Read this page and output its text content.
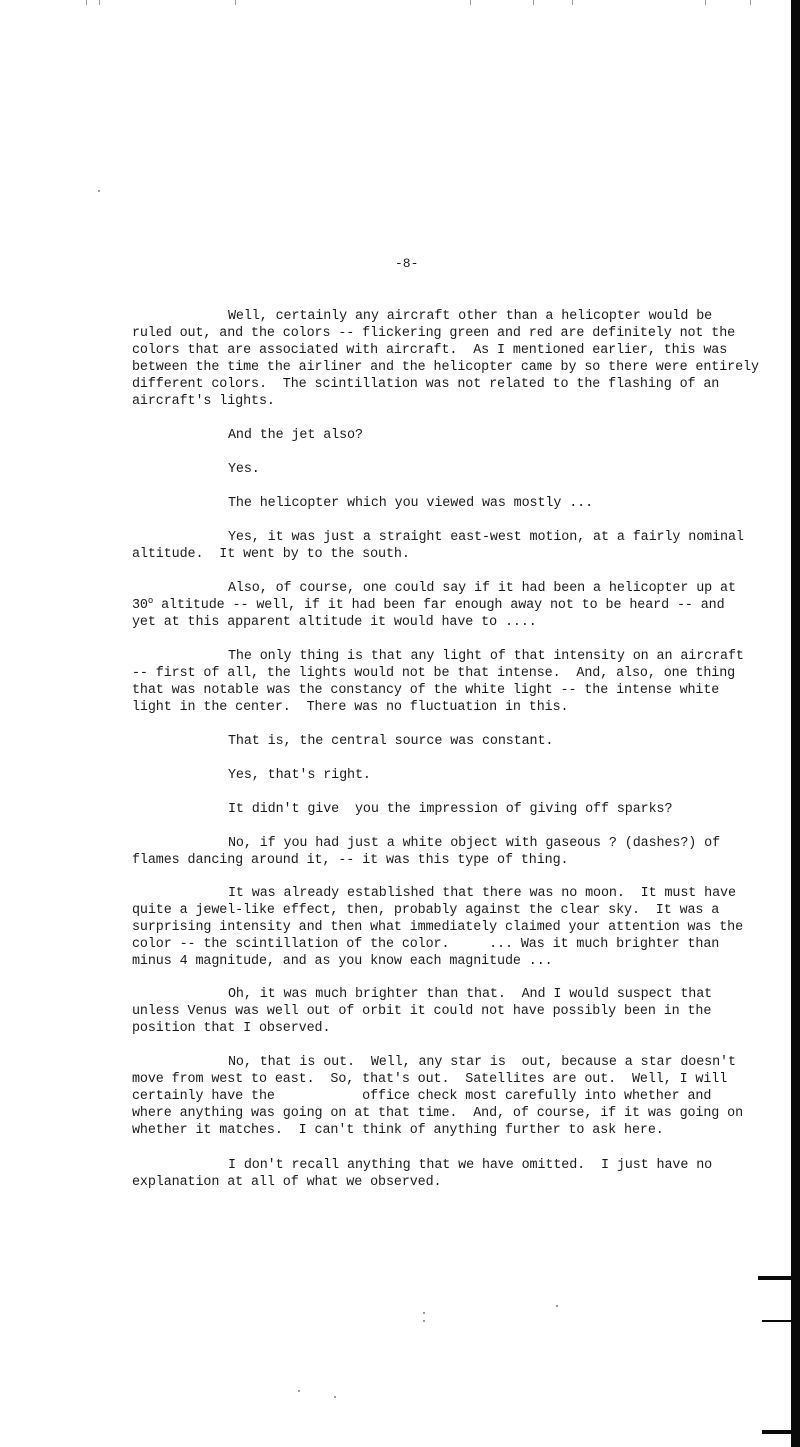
-8-
Well, certainly any aircraft other than a helicopter would be
ruled out, and the colors -- flickering green and red are definitely not the
colors that are associated with aircraft.  As I mentioned earlier, this was
between the time the airliner and the helicopter came by so there were entirely
different colors.  The scintillation was not related to the flashing of an
aircraft's lights.
And the jet also?
Yes.
The helicopter which you viewed was mostly ...
Yes, it was just a straight east-west motion, at a fairly nominal
altitude.  It went by to the south.
Also, of course, one could say if it had been a helicopter up at
30$^o$ altitude -- well, if it had been far enough away not to be heard -- and
yet at this apparent altitude it would have to ....
The only thing is that any light of that intensity on an aircraft
-- first of all, the lights would not be that intense.  And, also, one thing
that was notable was the constancy of the white light -- the intense white
light in the center.  There was no fluctuation in this.
That is, the central source was constant.
Yes, that's right.
It didn't give  you the impression of giving off sparks?
No, if you had just a white object with gaseous ? (dashes?) of
flames dancing around it, -- it was this type of thing.
It was already established that there was no moon.  It must have
quite a jewel-like effect, then, probably against the clear sky.  It was a
surprising intensity and then what immediately claimed your attention was the
color -- the scintillation of the color.     ... Was it much brighter than
minus 4 magnitude, and as you know each magnitude ...
Oh, it was much brighter than that.  And I would suspect that
unless Venus was well out of orbit it could not have possibly been in the
position that I observed.
No, that is out.  Well, any star is  out, because a star doesn't
move from west to east.  So, that's out.  Satellites are out.  Well, I will
certainly have the           office check most carefully into whether and
where anything was going on at that time.  And, of course, if it was going on
whether it matches.  I can't think of anything further to ask here.
I don't recall anything that we have omitted.  I just have no
explanation at all of what we observed.
